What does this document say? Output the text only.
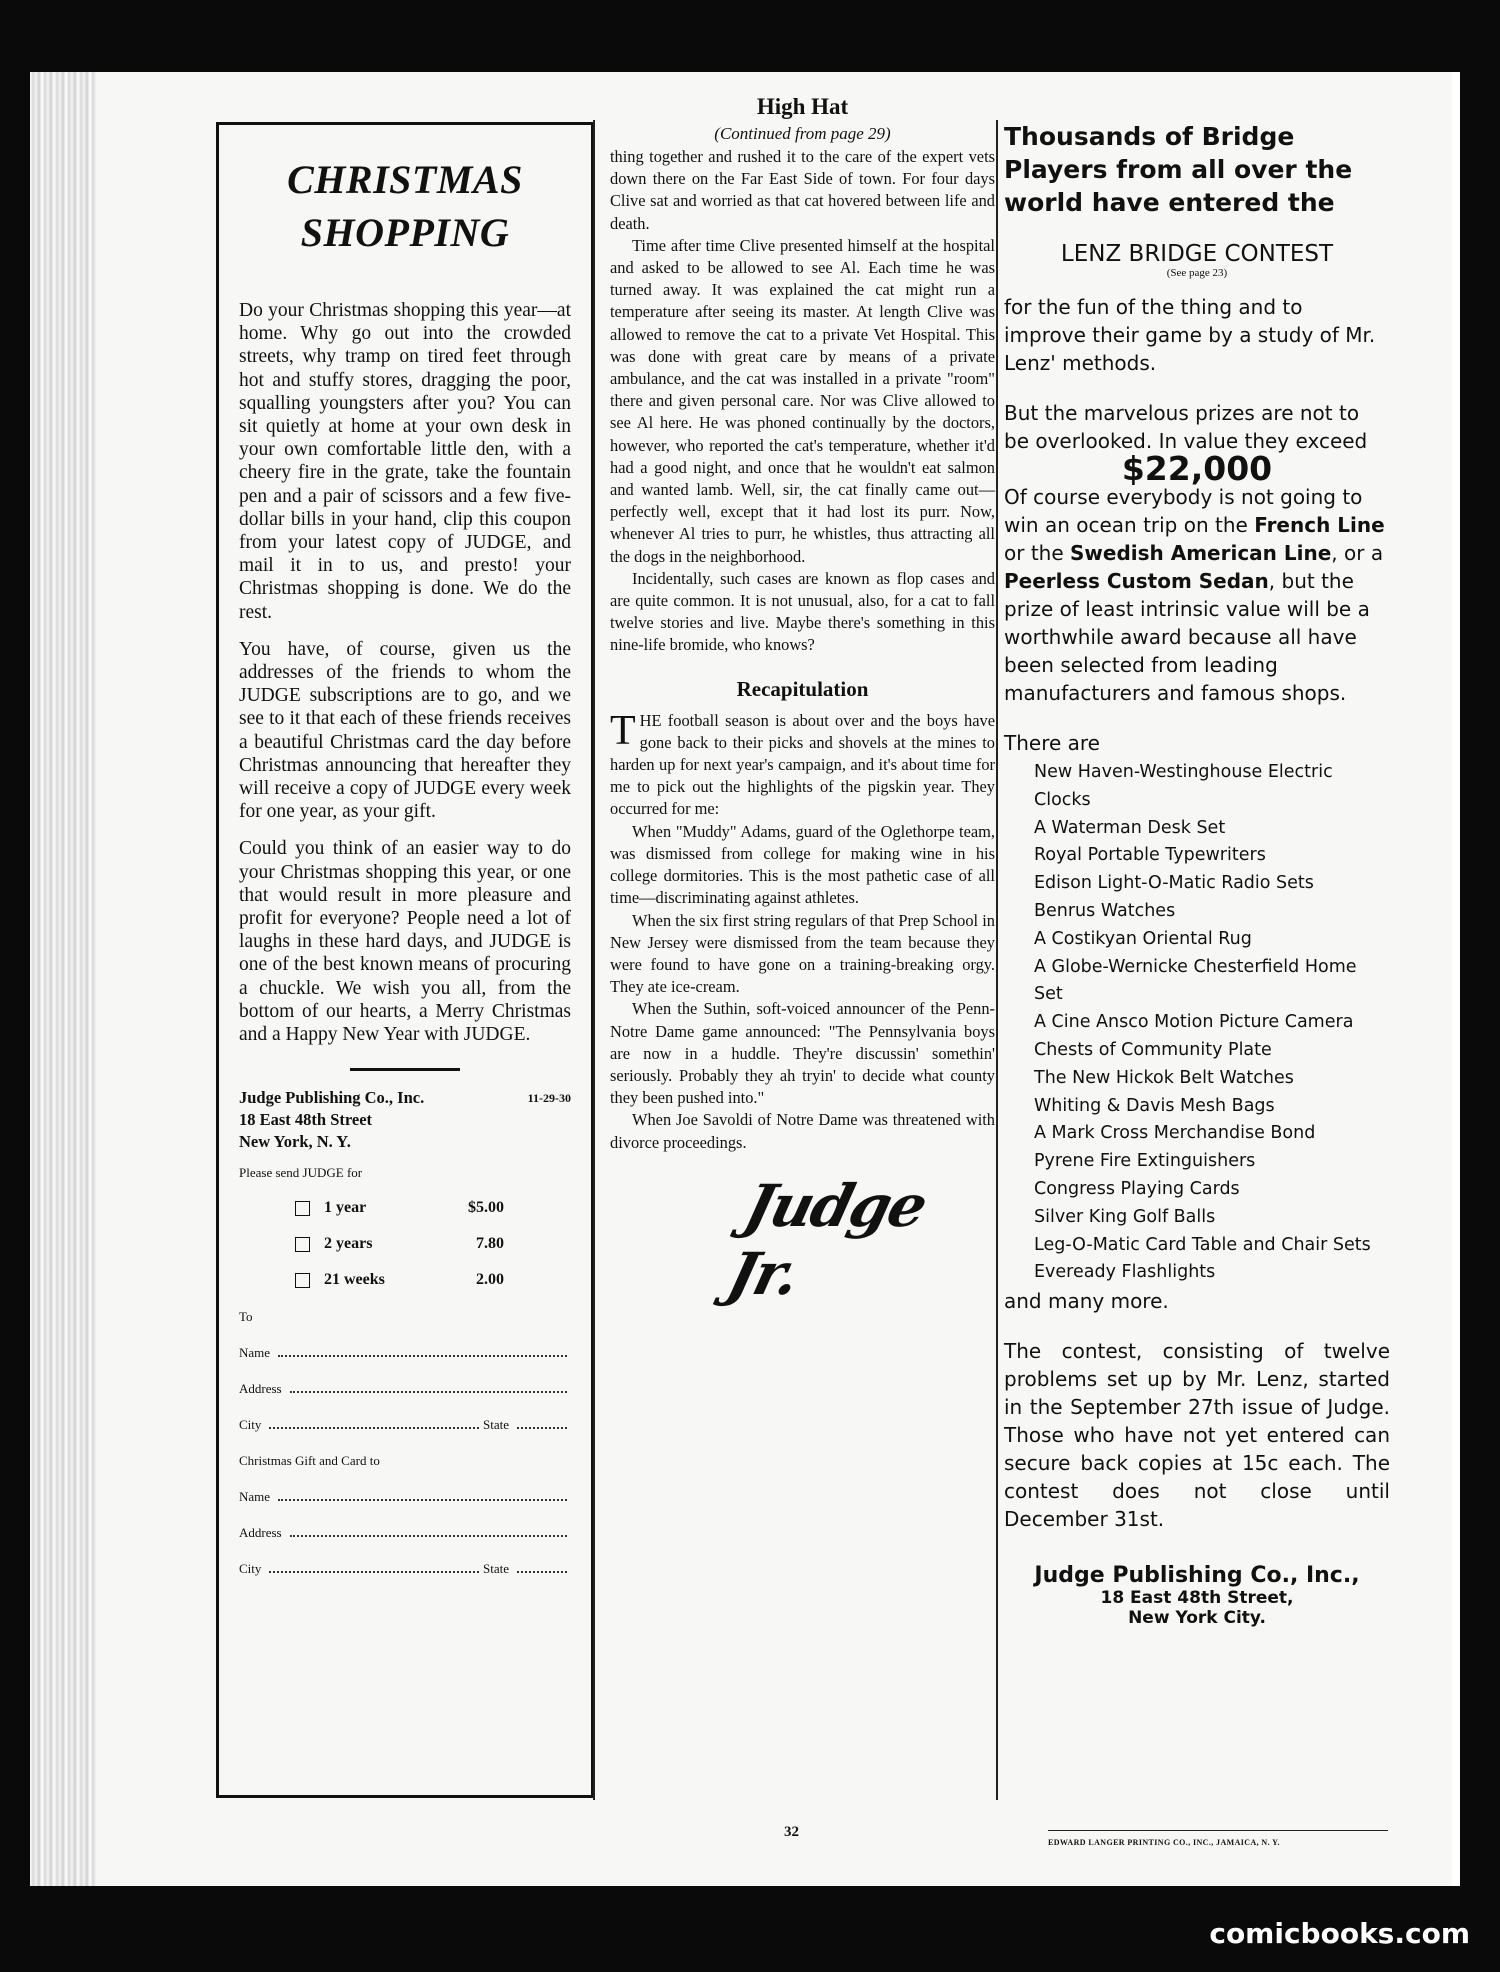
CHRISTMAS
SHOPPING

Do your Christmas shopping this year—at home. Why go out into the crowded streets, why tramp on tired feet through hot and stuffy stores, dragging the poor, squalling youngsters after you? You can sit quietly at home at your own desk in your own comfortable little den, with a cheery fire in the grate, take the fountain pen and a pair of scissors and a few five-dollar bills in your hand, clip this coupon from your latest copy of JUDGE, and mail it in to us, and presto! your Christmas shopping is done. We do the rest.

You have, of course, given us the addresses of the friends to whom the JUDGE subscriptions are to go, and we see to it that each of these friends receives a beautiful Christmas card the day before Christmas announcing that hereafter they will receive a copy of JUDGE every week for one year, as your gift.

Could you think of an easier way to do your Christmas shopping this year, or one that would result in more pleasure and profit for everyone? People need a lot of laughs in these hard days, and JUDGE is one of the best known means of procuring a chuckle. We wish you all, from the bottom of our hearts, a Merry Christmas and a Happy New Year with JUDGE.

Judge Publishing Co., Inc.
18 East 48th Street
New York, N. Y.
11-29-30
Please send JUDGE for
1 year	$5.00
2 years	7.80
21 weeks	2.00
To
Name
Address
City	State
Christmas Gift and Card to
Name
Address
City	State
High Hat
(Continued from page 29)

thing together and rushed it to the care of the expert vets down there on the Far East Side of town. For four days Clive sat and worried as that cat hovered between life and death.

Time after time Clive presented himself at the hospital and asked to be allowed to see Al. Each time he was turned away. It was explained the cat might run a temperature after seeing its master. At length Clive was allowed to remove the cat to a private Vet Hospital. This was done with great care by means of a private ambulance, and the cat was installed in a private "room" there and given personal care. Nor was Clive allowed to see Al here. He was phoned continually by the doctors, however, who reported the cat's temperature, whether it'd had a good night, and once that he wouldn't eat salmon and wanted lamb. Well, sir, the cat finally came out—perfectly well, except that it had lost its purr. Now, whenever Al tries to purr, he whistles, thus attracting all the dogs in the neighborhood.

Incidentally, such cases are known as flop cases and are quite common. It is not unusual, also, for a cat to fall twelve stories and live. Maybe there's something in this nine-life bromide, who knows?

Recapitulation

THE football season is about over and the boys have gone back to their picks and shovels at the mines to harden up for next year's campaign, and it's about time for me to pick out the highlights of the pigskin year. They occurred for me:

When "Muddy" Adams, guard of the Oglethorpe team, was dismissed from college for making wine in his college dormitories. This is the most pathetic case of all time—discriminating against athletes.

When the six first string regulars of that Prep School in New Jersey were dismissed from the team because they were found to have gone on a training-breaking orgy. They ate ice-cream.

When the Suthin, soft-voiced announcer of the Penn-Notre Dame game announced: "The Pennsylvania boys are now in a huddle. They're discussin' somethin' seriously. Probably they ah tryin' to decide what county they been pushed into."

When Joe Savoldi of Notre Dame was threatened with divorce proceedings.

Judge Jr.
Thousands of Bridge Players from all over the world have entered the
LENZ BRIDGE CONTEST
(See page 23)

for the fun of the thing and to improve their game by a study of Mr. Lenz' methods.

But the marvelous prizes are not to be overlooked. In value they exceed

$22,000

Of course everybody is not going to win an ocean trip on the French Line or the Swedish American Line, or a Peerless Custom Sedan, but the prize of least intrinsic value will be a worthwhile award because all have been selected from leading manufacturers and famous shops.

There are

New Haven-Westinghouse Electric Clocks
A Waterman Desk Set
Royal Portable Typewriters
Edison Light-O-Matic Radio Sets
Benrus Watches
A Costikyan Oriental Rug
A Globe-Wernicke Chesterfield Home Set
A Cine Ansco Motion Picture Camera
Chests of Community Plate
The New Hickok Belt Watches
Whiting & Davis Mesh Bags
A Mark Cross Merchandise Bond
Pyrene Fire Extinguishers
Congress Playing Cards
Silver King Golf Balls
Leg-O-Matic Card Table and Chair Sets
Eveready Flashlights

and many more.

The contest, consisting of twelve problems set up by Mr. Lenz, started in the September 27th issue of Judge. Those who have not yet entered can secure back copies at 15c each. The contest does not close until December 31st.

Judge Publishing Co., Inc.,
18 East 48th Street,
New York City.
32
EDWARD LANGER PRINTING CO., INC., JAMAICA, N. Y.
comicbooks.com
